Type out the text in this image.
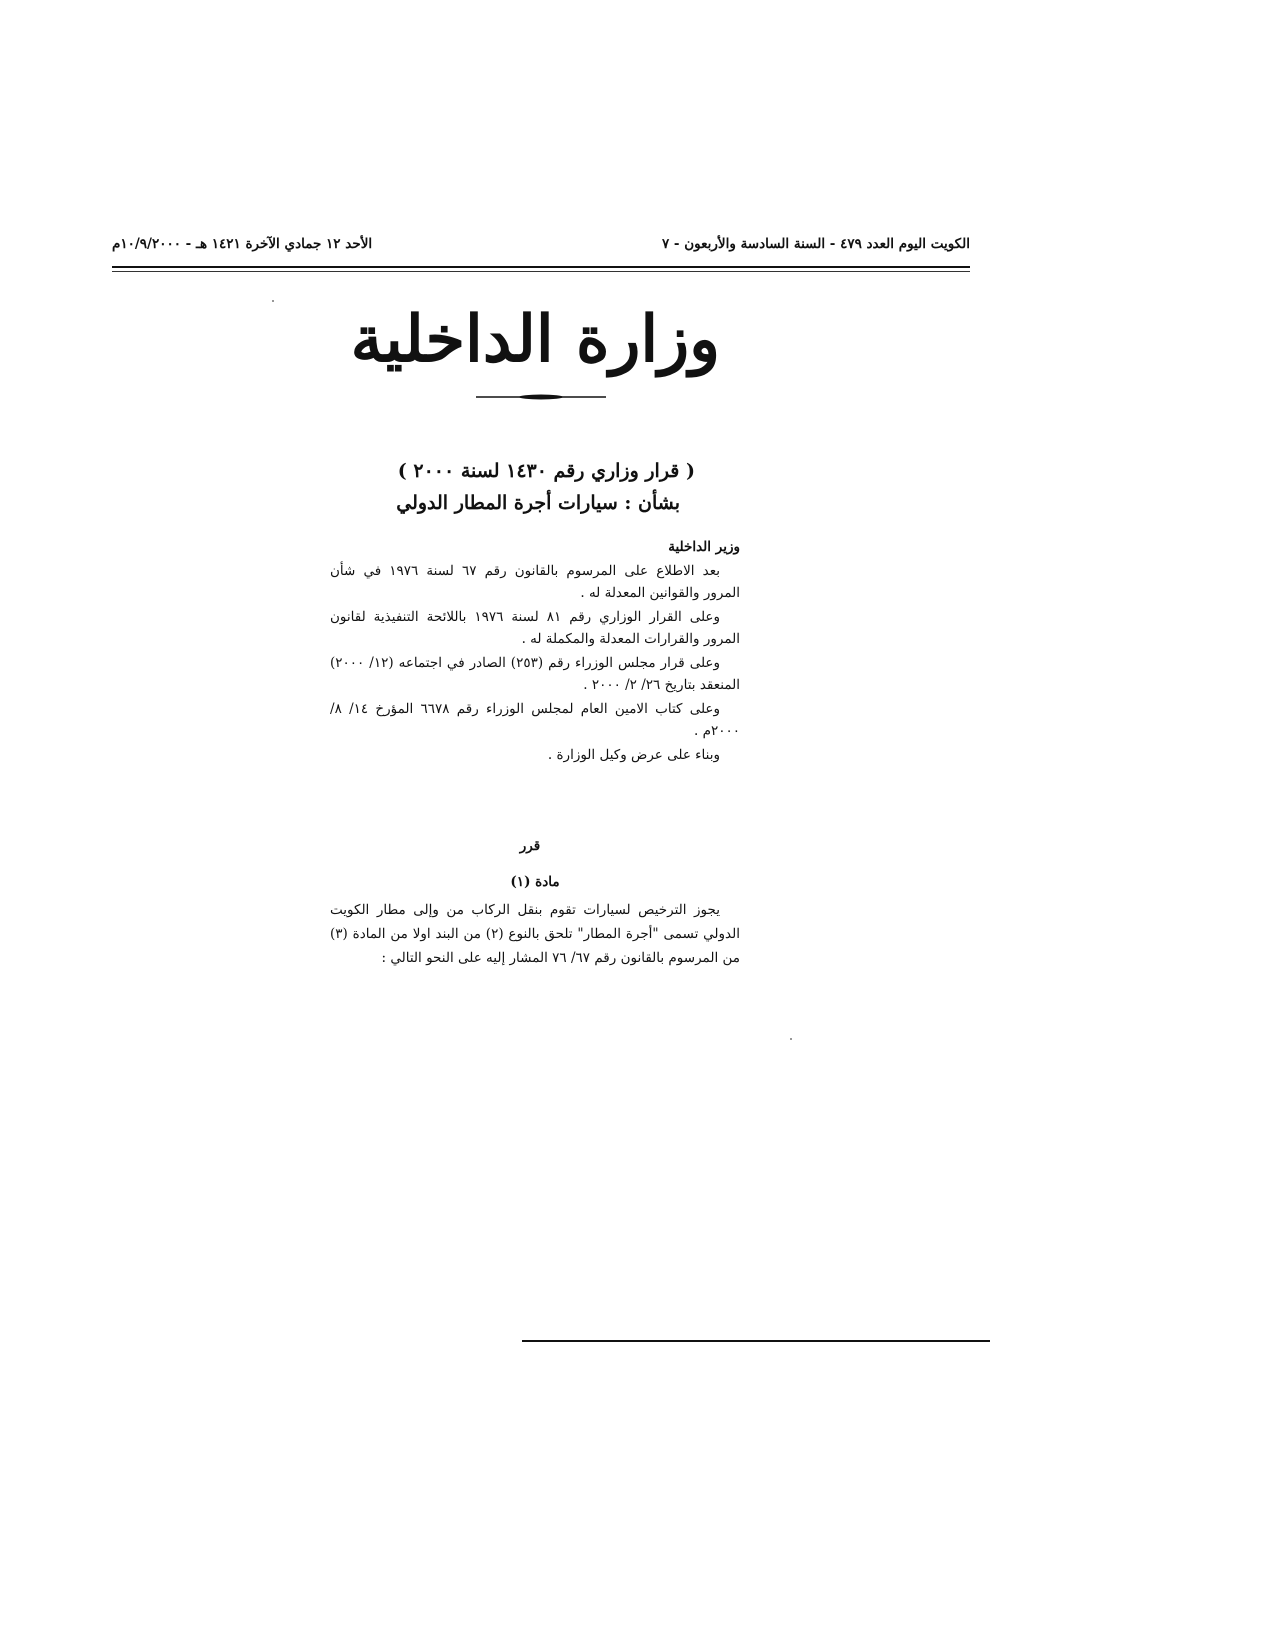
الكويت اليوم العدد ٤٧٩ - السنة السادسة والأربعون - ٧
الأحد ١٢ جمادي الآخرة ١٤٢١ هـ - ١٠/٩/٢٠٠٠م
وزارة الداخلية
( قرار وزاري رقم ١٤٣٠ لسنة ٢٠٠٠ )
بشأن : سيارات أجرة المطار الدولي

وزير الداخلية

بعد الاطلاع على المرسوم بالقانون رقم ٦٧ لسنة ١٩٧٦ في شأن المرور والقوانين المعدلة له .

وعلى القرار الوزاري رقم ٨١ لسنة ١٩٧٦ باللائحة التنفيذية لقانون المرور والقرارات المعدلة والمكملة له .

وعلى قرار مجلس الوزراء رقم (٢٥٣) الصادر في اجتماعه (١٢/ ٢٠٠٠) المنعقد بتاريخ ٢٦/ ٢/ ٢٠٠٠ .

وعلى كتاب الامين العام لمجلس الوزراء رقم ٦٦٧٨ المؤرخ ١٤/ ٨/ ٢٠٠٠م .

وبناء على عرض وكيل الوزارة .

قرر
مادة (١)

يجوز الترخيص لسيارات تقوم بنقل الركاب من وإلى مطار الكويت الدولي تسمى "أجرة المطار" تلحق بالنوع (٢) من البند اولا من المادة (٣) من المرسوم بالقانون رقم ٦٧/ ٧٦ المشار إليه على النحو التالي :
